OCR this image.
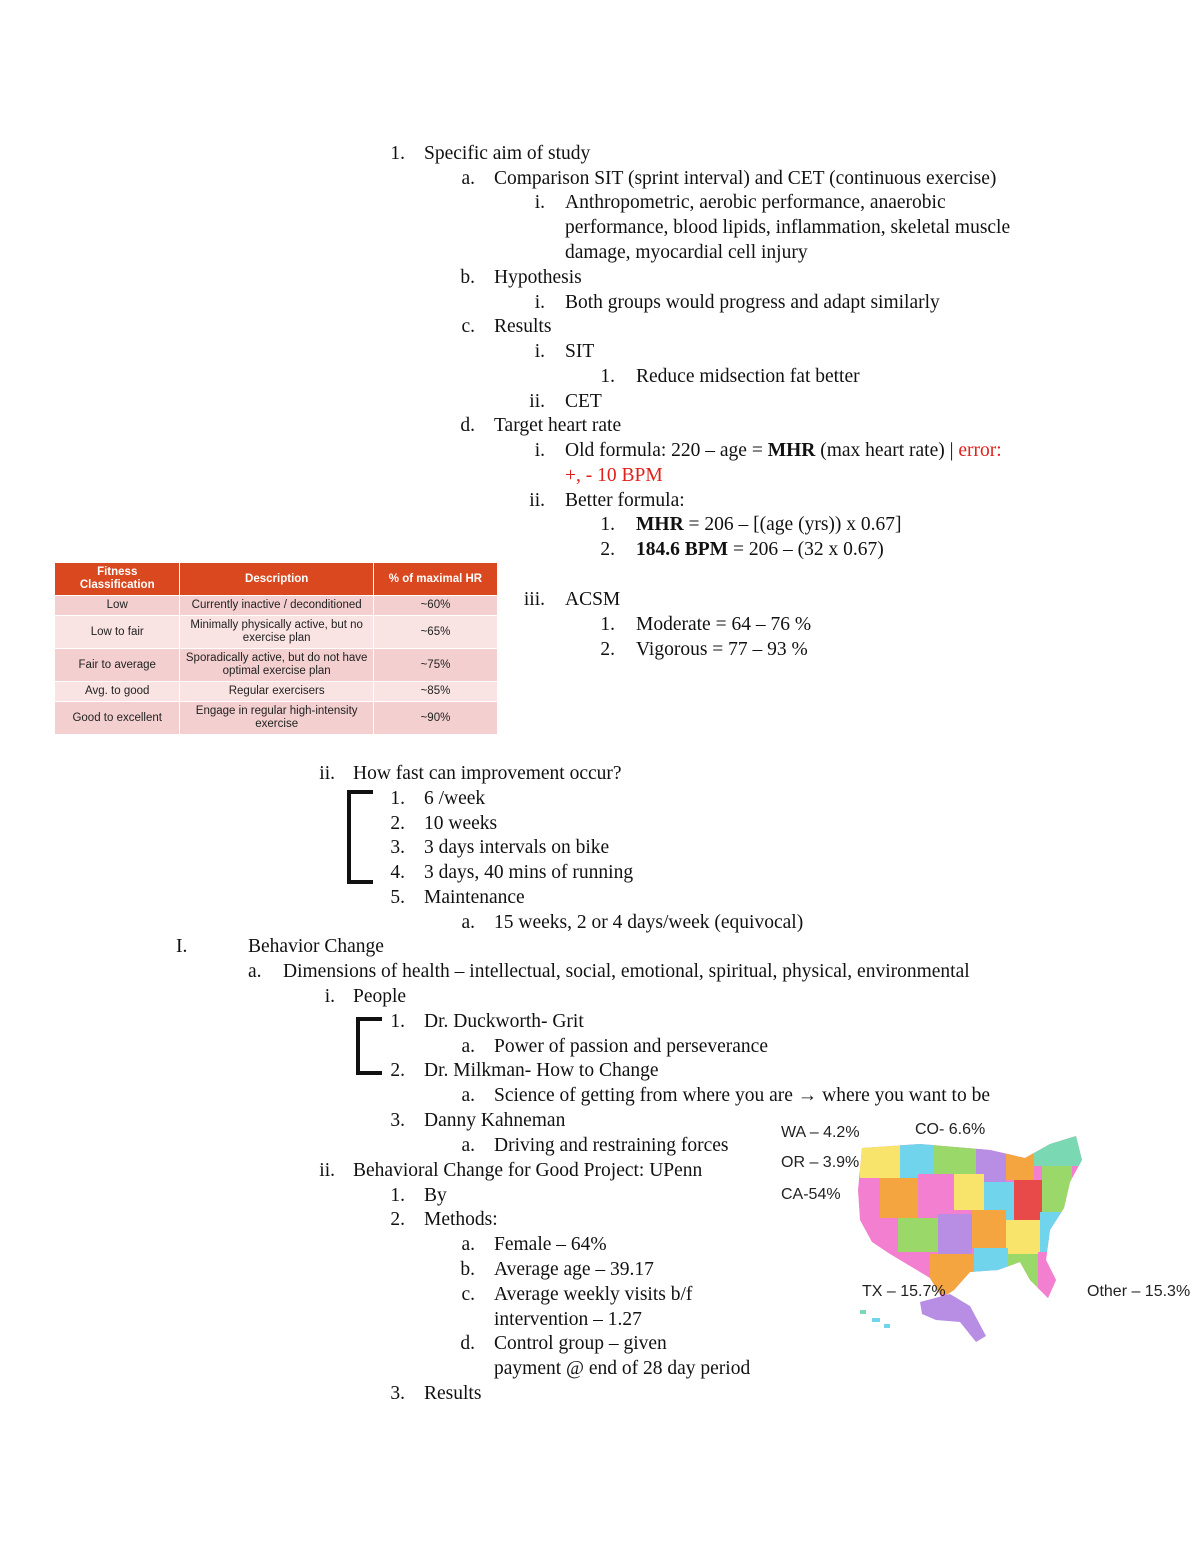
1. Specific aim of study
a. Comparison SIT (sprint interval) and CET (continuous exercise)
i. Anthropometric, aerobic performance, anaerobic
performance, blood lipids, inflammation, skeletal muscle
damage, myocardial cell injury
b. Hypothesis
i. Both groups would progress and adapt similarly
c. Results
i. SIT
1. Reduce midsection fat better
ii. CET
d. Target heart rate
i. Old formula: 220 – age = MHR (max heart rate) | error:
+, - 10 BPM
ii. Better formula:
1. MHR = 206 – [(age (yrs)) x 0.67]
2. 184.6 BPM = 206 – (32 x 0.67)
iii. ACSM
1. Moderate = 64 – 76 %
2. Vigorous = 77 – 93 %
Fitness Classification	Description	% of maximal HR
Low	Currently inactive / deconditioned	~60%
Low to fair	Minimally physically active, but no exercise plan	~65%
Fair to average	Sporadically active, but do not have optimal exercise plan	~75%
Avg. to good	Regular exercisers	~85%
Good to excellent	Engage in regular high-intensity exercise	~90%
ii. How fast can improvement occur?
1. 6 /week
2. 10 weeks
3. 3 days intervals on bike
4. 3 days, 40 mins of running
5. Maintenance
a. 15 weeks, 2 or 4 days/week (equivocal)
I.	Behavior Change
a. Dimensions of health – intellectual, social, emotional, spiritual, physical, environmental
i. People
1. Dr. Duckworth- Grit
a. Power of passion and perseverance
2. Dr. Milkman- How to Change
a. Science of getting from where you are → where you want to be
3. Danny Kahneman
a. Driving and restraining forces
ii. Behavioral Change for Good Project: UPenn
1. By
2. Methods:
a. Female – 64%
b. Average age – 39.17
c. Average weekly visits b/f
intervention – 1.27
d. Control group – given
payment @ end of 28 day period
3. Results
WA – 4.2%	CO- 6.6%
OR – 3.9%
CA-54%
TX – 15.7%	Other – 15.3%
